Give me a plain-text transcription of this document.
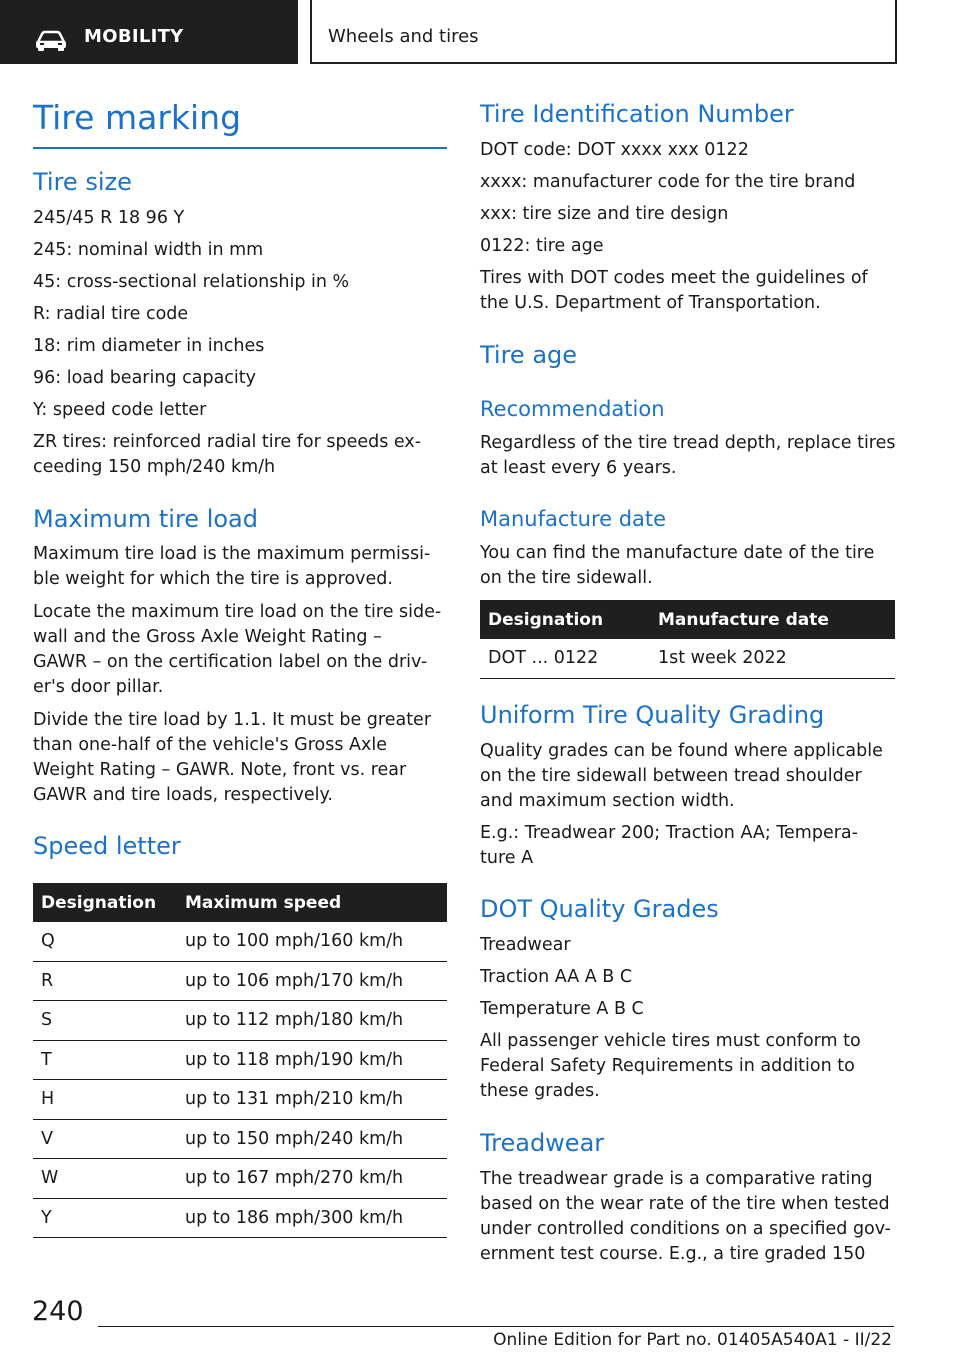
MOBILITY	Wheels and tires
Tire marking
Tire size
245/45 R 18 96 Y
245: nominal width in mm
45: cross-sectional relationship in %
R: radial tire code
18: rim diameter in inches
96: load bearing capacity
Y: speed code letter
ZR tires: reinforced radial tire for speeds ex-
ceeding 150 mph/240 km/h
Maximum tire load
Maximum tire load is the maximum permissi-
ble weight for which the tire is approved.
Locate the maximum tire load on the tire side-
wall and the Gross Axle Weight Rating –
GAWR – on the certification label on the driv-
er's door pillar.
Divide the tire load by 1.1. It must be greater
than one-half of the vehicle's Gross Axle
Weight Rating – GAWR. Note, front vs. rear
GAWR and tire loads, respectively.
Speed letter
Designation	Maximum speed
Q	up to 100 mph/160 km/h
R	up to 106 mph/170 km/h
S	up to 112 mph/180 km/h
T	up to 118 mph/190 km/h
H	up to 131 mph/210 km/h
V	up to 150 mph/240 km/h
W	up to 167 mph/270 km/h
Y	up to 186 mph/300 km/h
Tire Identification Number
DOT code: DOT xxxx xxx 0122
xxxx: manufacturer code for the tire brand
xxx: tire size and tire design
0122: tire age
Tires with DOT codes meet the guidelines of
the U.S. Department of Transportation.
Tire age
Recommendation
Regardless of the tire tread depth, replace tires
at least every 6 years.
Manufacture date
You can find the manufacture date of the tire
on the tire sidewall.
Designation	Manufacture date
DOT ... 0122	1st week 2022
Uniform Tire Quality Grading
Quality grades can be found where applicable
on the tire sidewall between tread shoulder
and maximum section width.
E.g.: Treadwear 200; Traction AA; Tempera-
ture A
DOT Quality Grades
Treadwear
Traction AA A B C
Temperature A B C
All passenger vehicle tires must conform to
Federal Safety Requirements in addition to
these grades.
Treadwear
The treadwear grade is a comparative rating
based on the wear rate of the tire when tested
under controlled conditions on a specified gov-
ernment test course. E.g., a tire graded 150
240
Online Edition for Part no. 01405A540A1 - II/22
